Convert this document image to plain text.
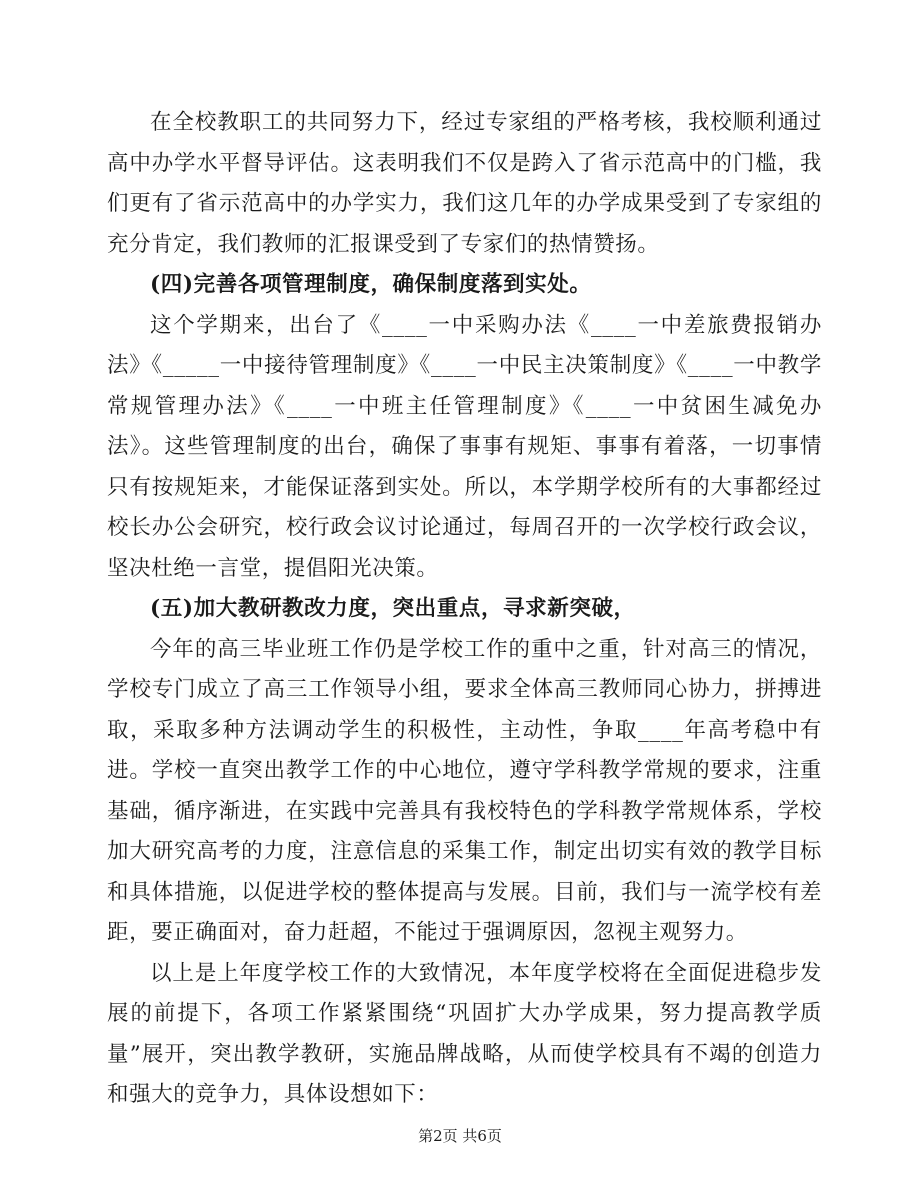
在全校教职工的共同努力下，经过专家组的严格考核，我校顺利通过高中办学水平督导评估。这表明我们不仅是跨入了省示范高中的门槛，我们更有了省示范高中的办学实力，我们这几年的办学成果受到了专家组的充分肯定，我们教师的汇报课受到了专家们的热情赞扬。

(四)完善各项管理制度，确保制度落到实处。

这个学期来，出台了《____一中采购办法《____一中差旅费报销办法》《_____一中接待管理制度》《____一中民主决策制度》《____一中教学常规管理办法》《____一中班主任管理制度》《____一中贫困生减免办法》。这些管理制度的出台，确保了事事有规矩、事事有着落，一切事情只有按规矩来，才能保证落到实处。所以，本学期学校所有的大事都经过校长办公会研究，校行政会议讨论通过，每周召开的一次学校行政会议，坚决杜绝一言堂，提倡阳光决策。

(五)加大教研教改力度，突出重点，寻求新突破，

今年的高三毕业班工作仍是学校工作的重中之重，针对高三的情况，学校专门成立了高三工作领导小组，要求全体高三教师同心协力，拼搏进取，采取多种方法调动学生的积极性，主动性，争取____年高考稳中有进。学校一直突出教学工作的中心地位，遵守学科教学常规的要求，注重基础，循序渐进，在实践中完善具有我校特色的学科教学常规体系，学校加大研究高考的力度，注意信息的采集工作，制定出切实有效的教学目标和具体措施，以促进学校的整体提高与发展。目前，我们与一流学校有差距，要正确面对，奋力赶超，不能过于强调原因，忽视主观努力。

以上是上年度学校工作的大致情况，本年度学校将在全面促进稳步发展的前提下，各项工作紧紧围绕“巩固扩大办学成果，努力提高教学质量”展开，突出教学教研，实施品牌战略，从而使学校具有不竭的创造力和强大的竞争力，具体设想如下：

第2页 共6页
